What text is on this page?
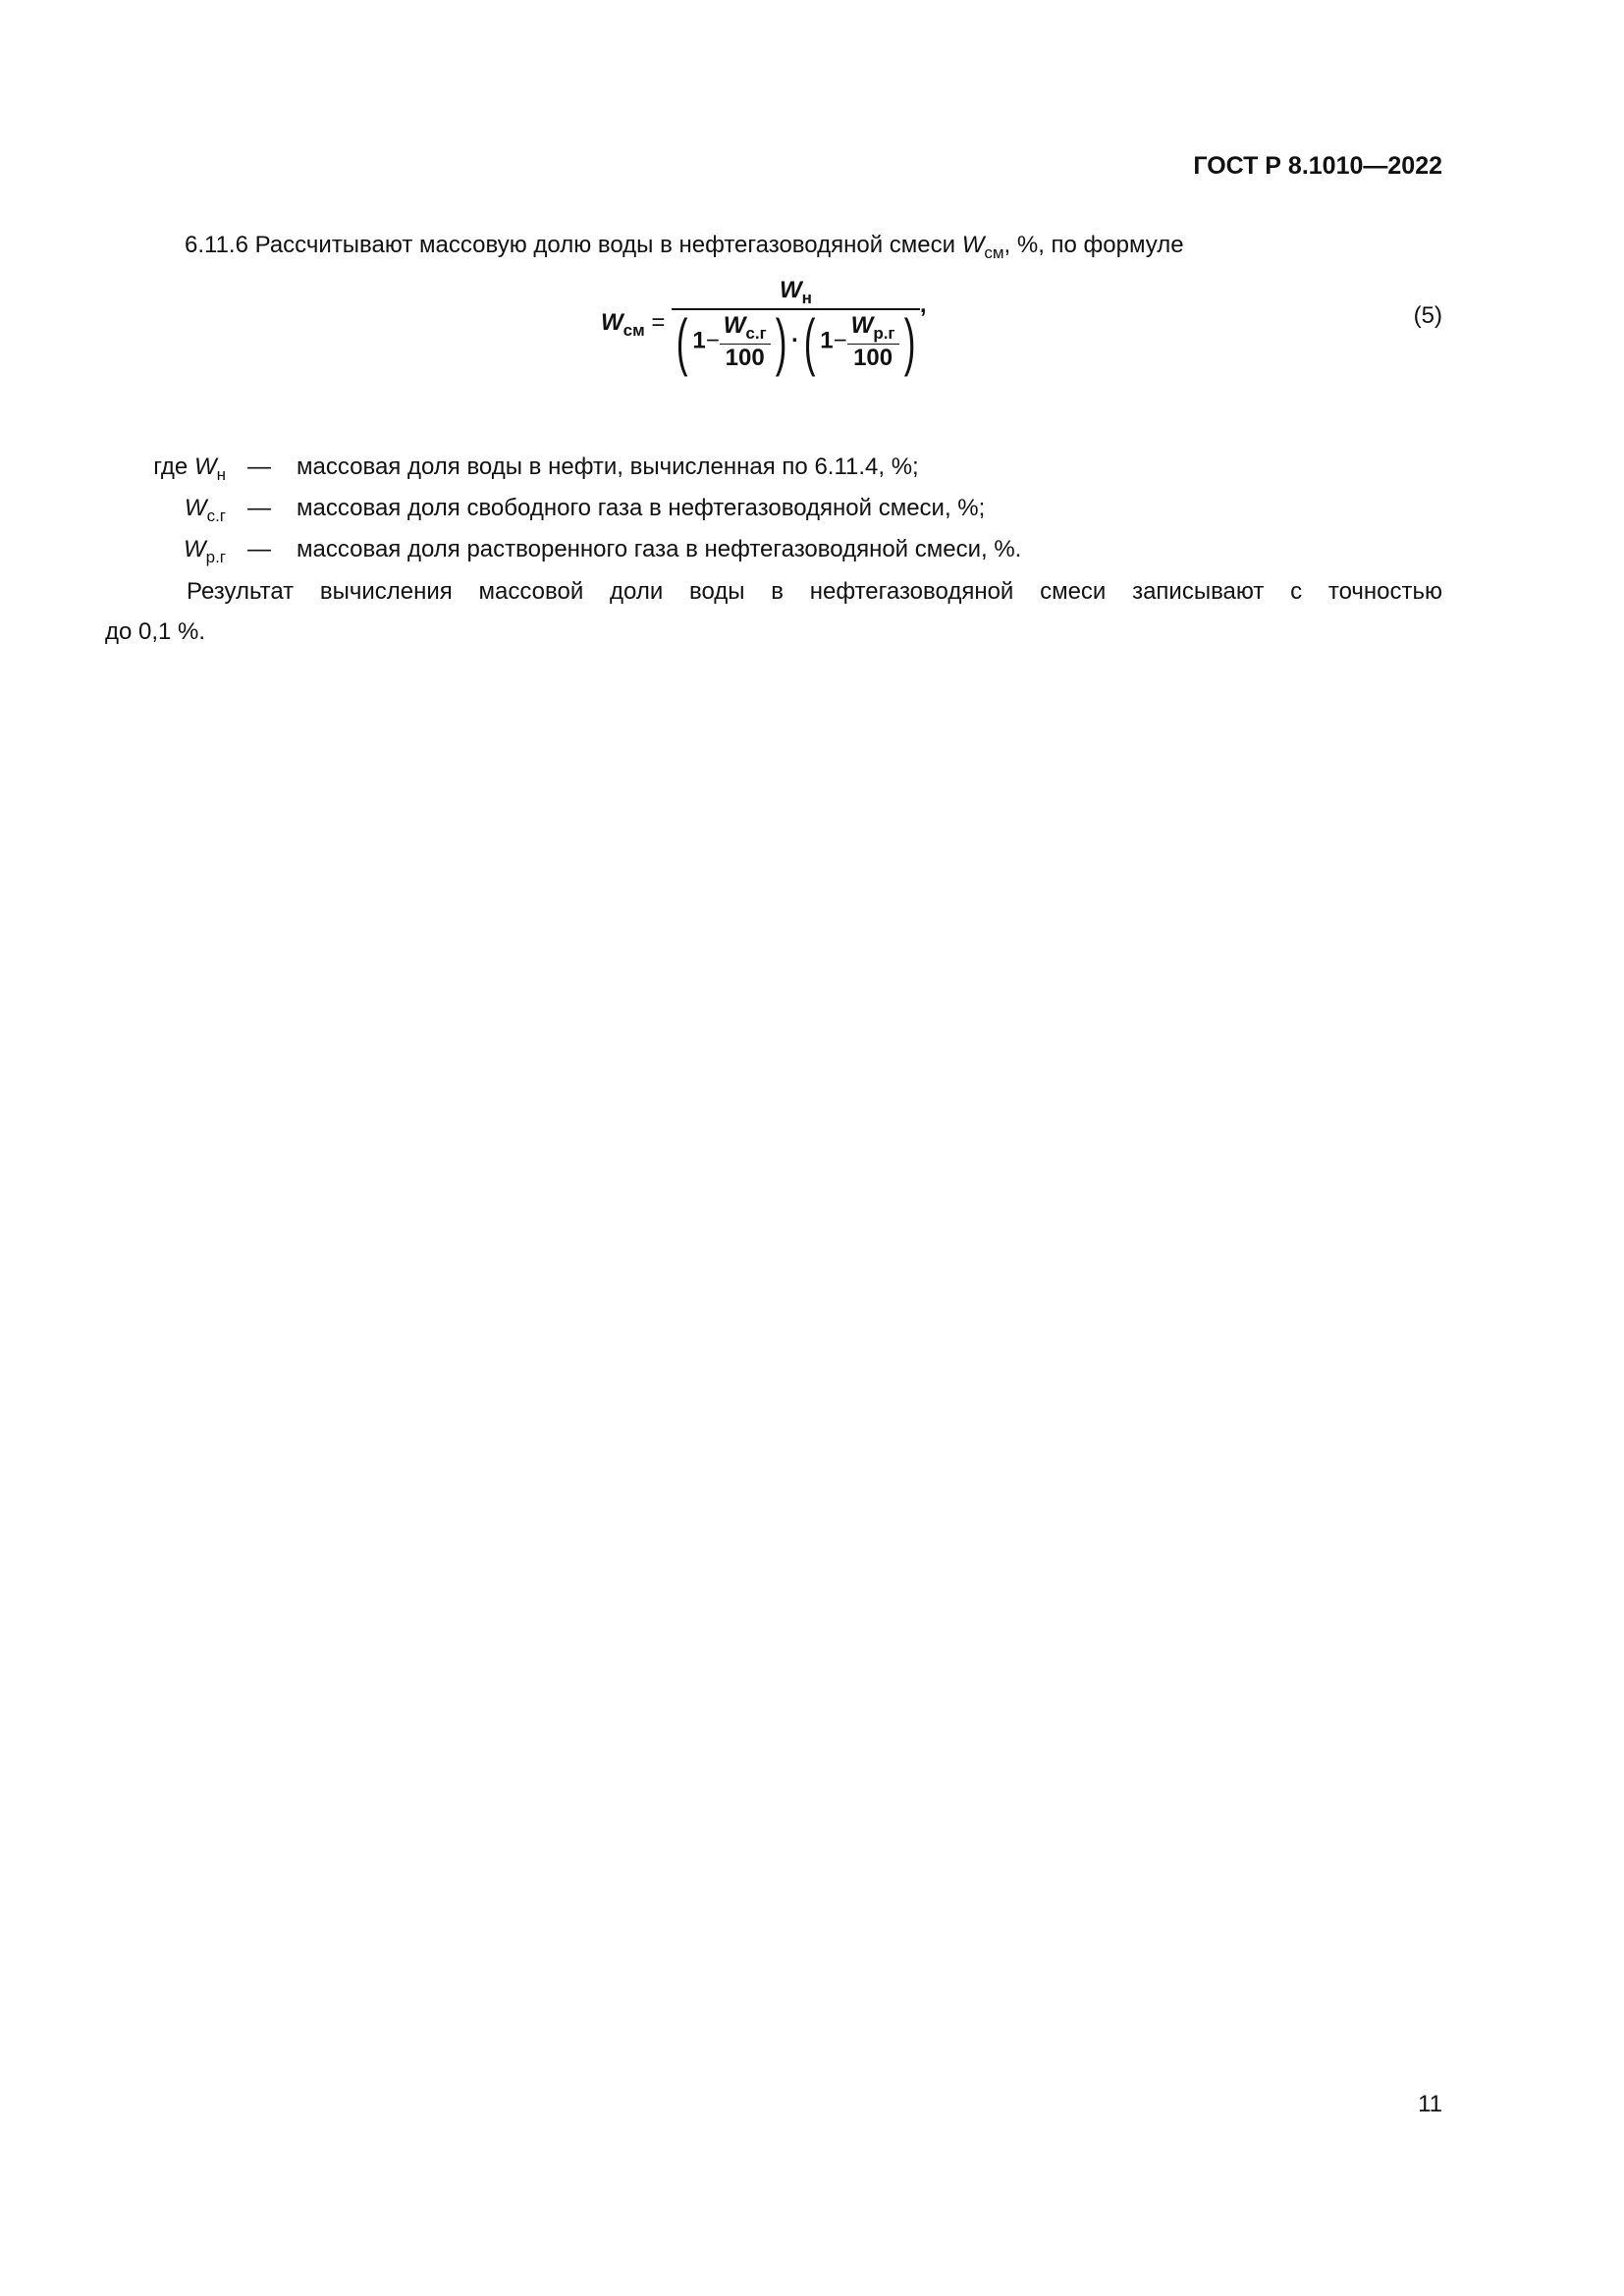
ГОСТ Р 8.1010—2022
6.11.6 Рассчитывают массовую долю воды в нефтегазоводяной смеси $W_{см}$, %, по формуле
$W_{см} = \frac{W_н}{( 1- \frac{W_{с.г}}{100} ) \cdot( 1- \frac{W_{р.г}}{100} )}$ ,	(5)
где $W_н$ — массовая доля воды в нефти, вычисленная по 6.11.4, %;
$W_{с.г}$ — массовая доля свободного газа в нефтегазоводяной смеси, %;
$W_{р.г}$ — массовая доля растворенного газа в нефтегазоводяной смеси, %.
Результат вычисления массовой доли воды в нефтегазоводяной смеси записывают с точностью
до 0,1 %.
11
